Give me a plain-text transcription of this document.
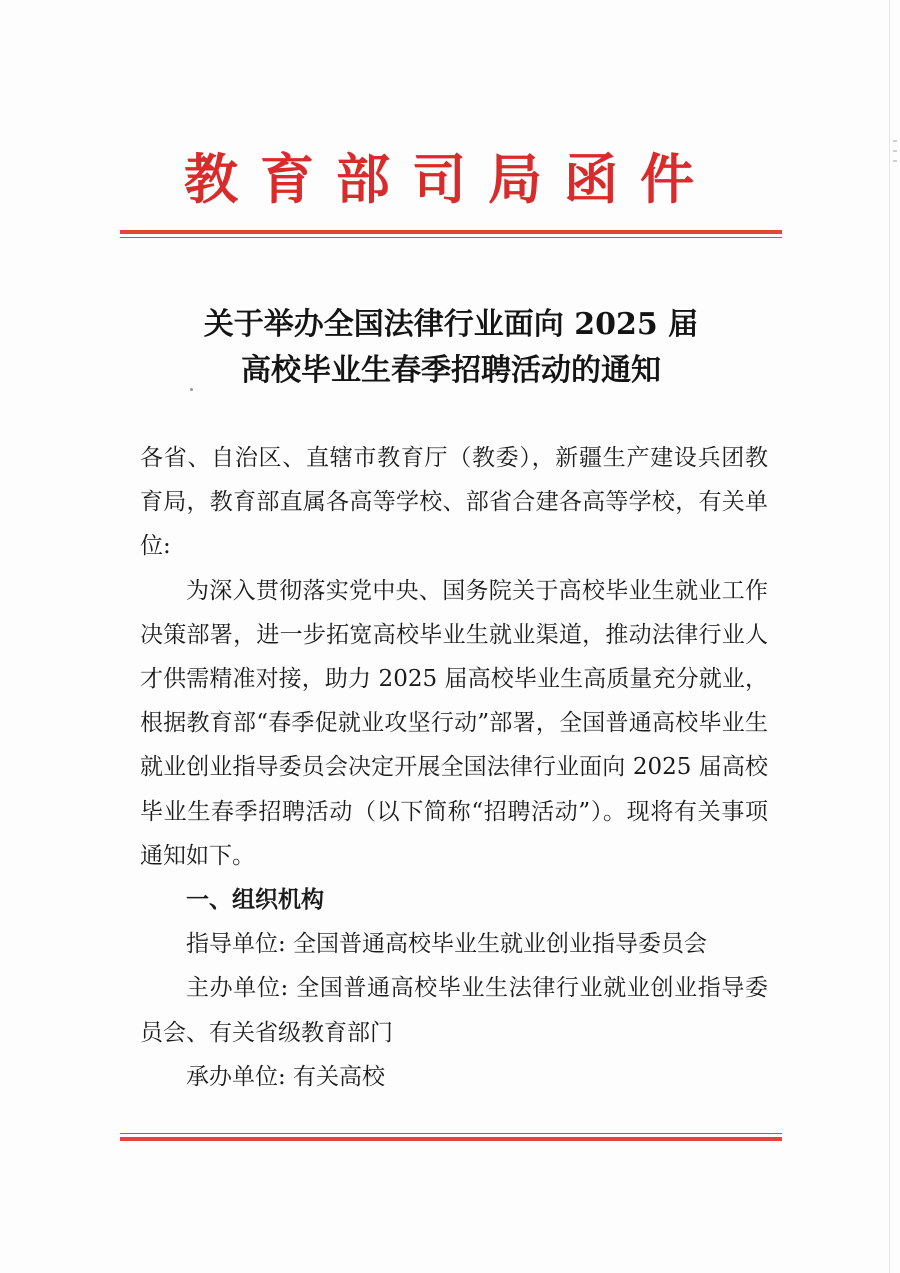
教育部司局函件
关于举办全国法律行业面向 2025 届
高校毕业生春季招聘活动的通知

各省、自治区、直辖市教育厅（教委），新疆生产建设兵团教育局，教育部直属各高等学校、部省合建各高等学校，有关单位:

为深入贯彻落实党中央、国务院关于高校毕业生就业工作决策部署，进一步拓宽高校毕业生就业渠道，推动法律行业人才供需精准对接，助力 2025 届高校毕业生高质量充分就业，根据教育部“春季促就业攻坚行动”部署，全国普通高校毕业生就业创业指导委员会决定开展全国法律行业面向 2025 届高校毕业生春季招聘活动（以下简称“招聘活动”）。现将有关事项通知如下。

一、组织机构

指导单位: 全国普通高校毕业生就业创业指导委员会

主办单位: 全国普通高校毕业生法律行业就业创业指导委员会、有关省级教育部门

承办单位: 有关高校
